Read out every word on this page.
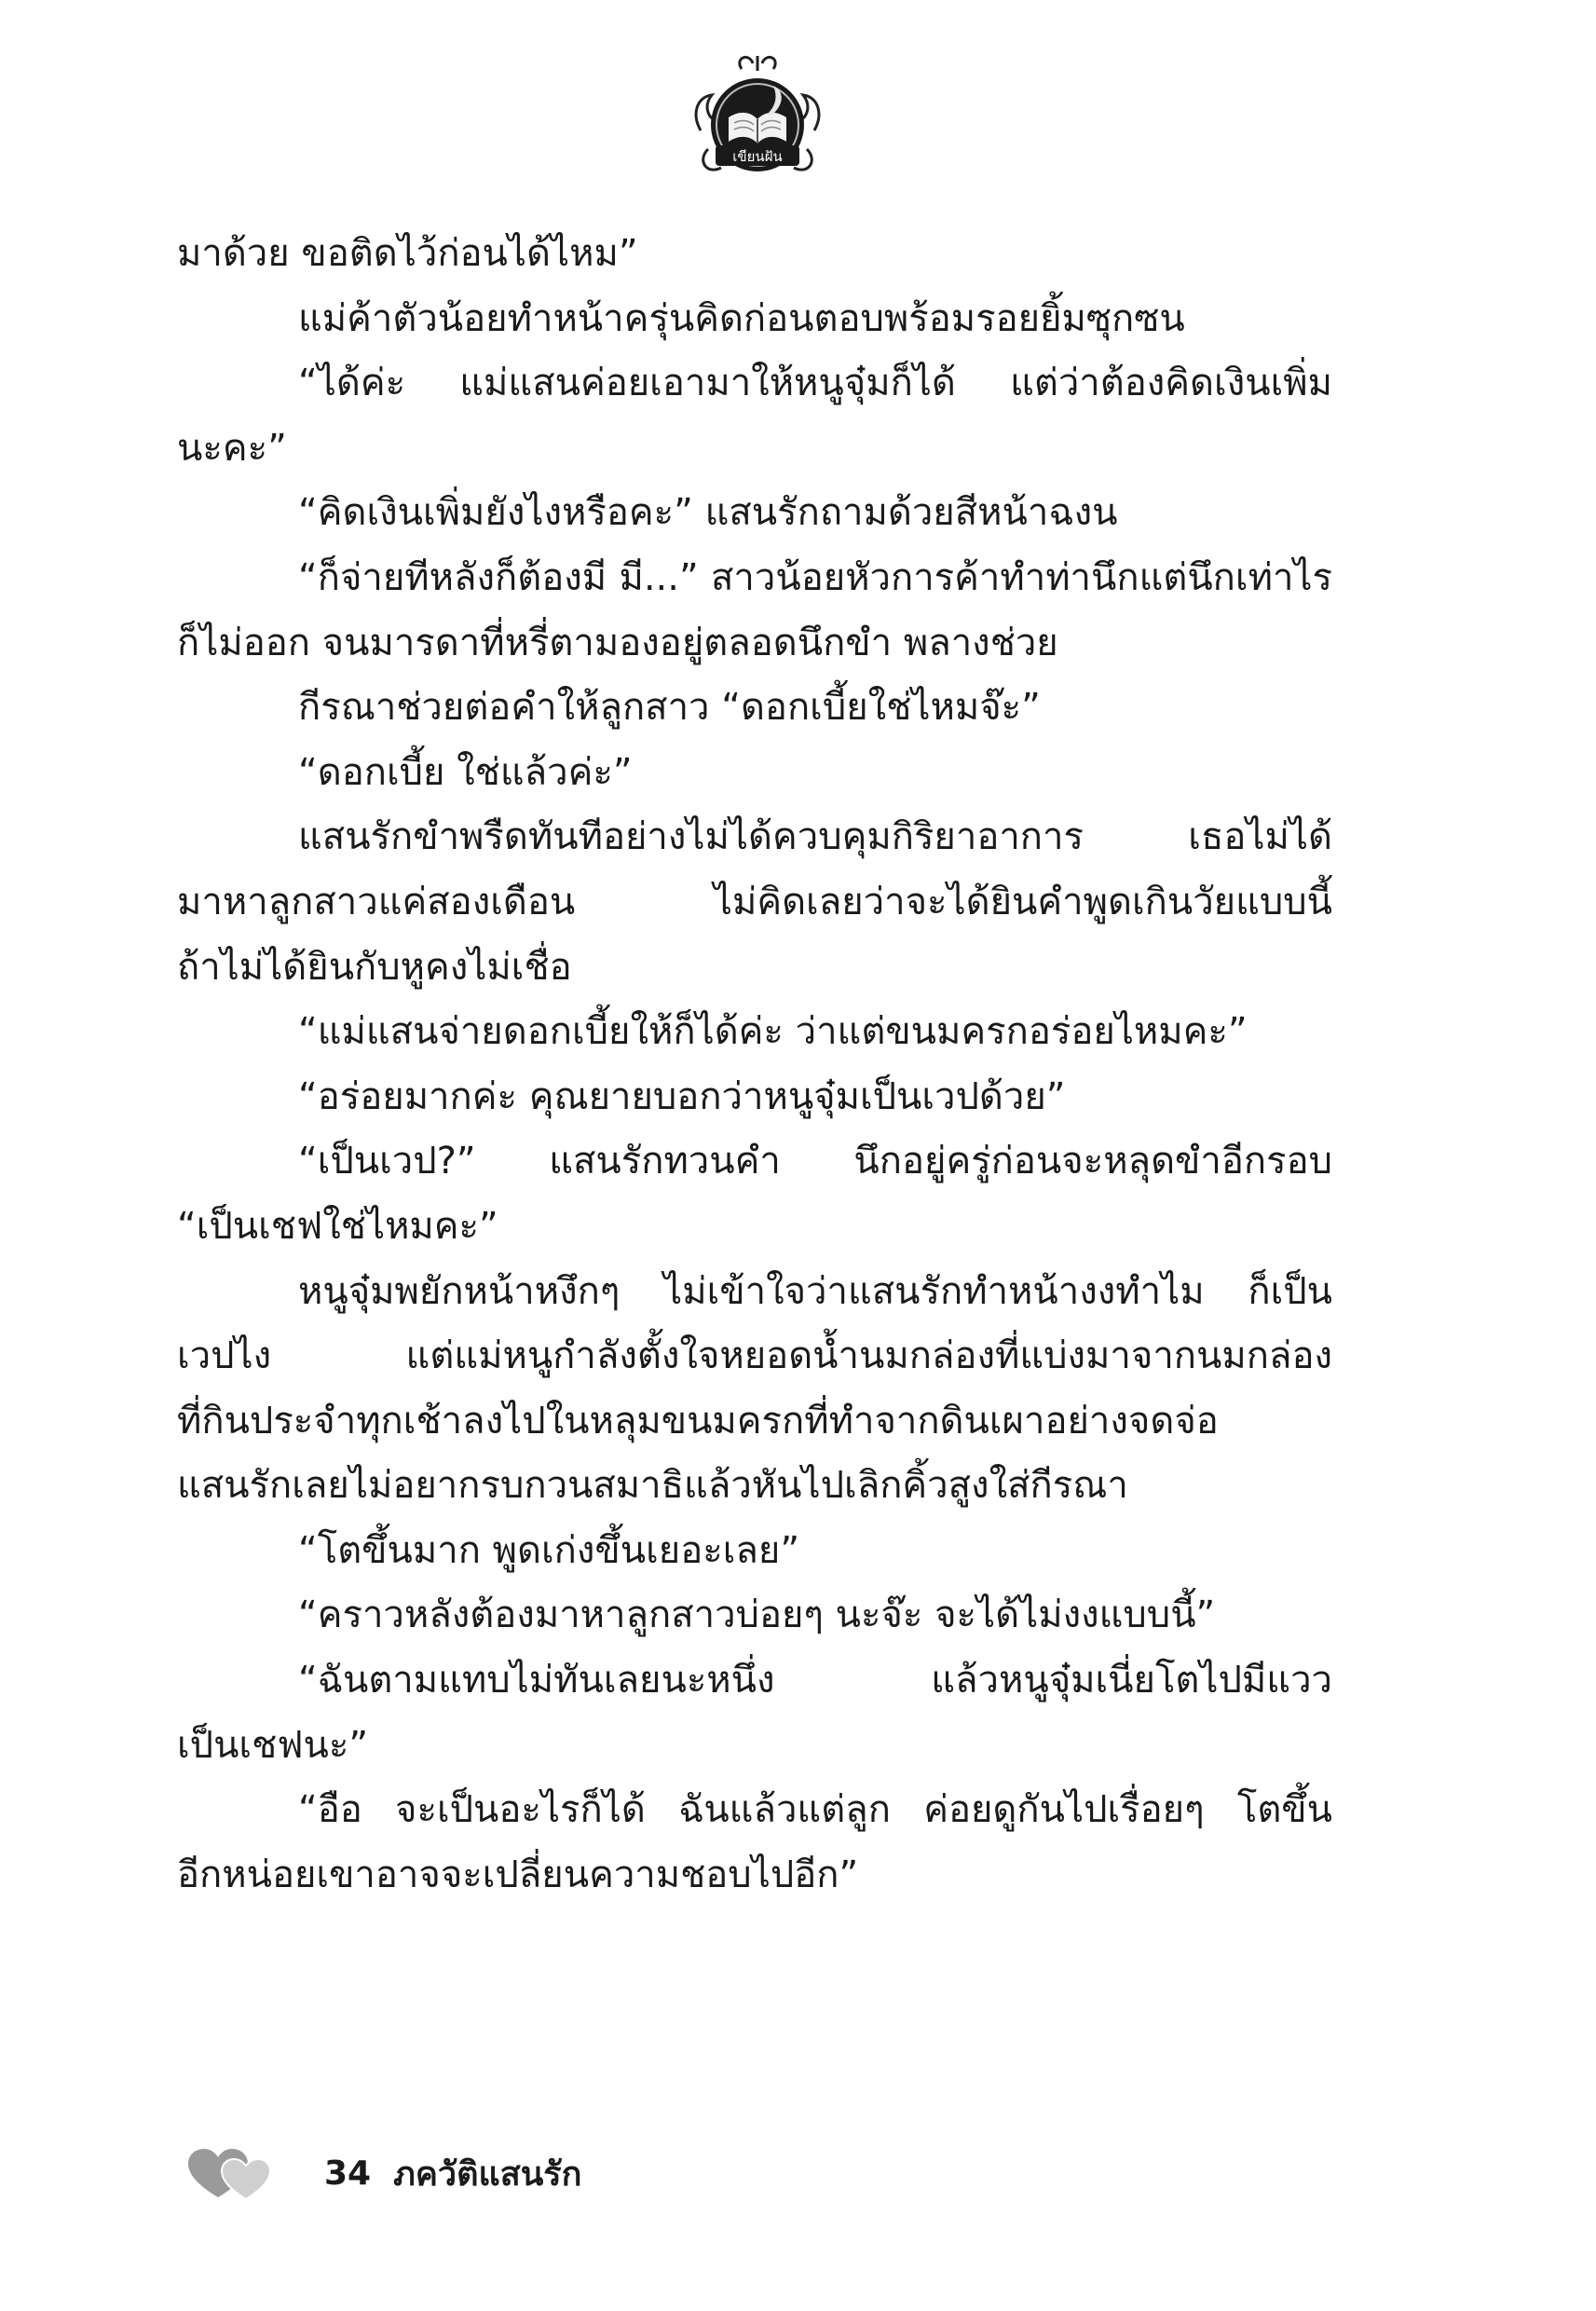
เขียนฝัน
มาด้วย ขอติดไว้ก่อนได้ไหม”
แม่ค้าตัวน้อยทำหน้าครุ่นคิดก่อนตอบพร้อมรอยยิ้มซุกซน
“ได้ค่ะ แม่แสนค่อยเอามาให้หนูจุ๋มก็ได้ แต่ว่าต้องคิดเงินเพิ่ม
นะคะ”
“คิดเงินเพิ่มยังไงหรือคะ” แสนรักถามด้วยสีหน้าฉงน
“ก็จ่ายทีหลังก็ต้องมี มี...” สาวน้อยหัวการค้าทำท่านึกแต่นึกเท่าไร
ก็ไม่ออก จนมารดาที่หรี่ตามองอยู่ตลอดนึกขำ พลางช่วย
กีรณาช่วยต่อคำให้ลูกสาว “ดอกเบี้ยใช่ไหมจ๊ะ”
“ดอกเบี้ย ใช่แล้วค่ะ”
แสนรักขำพรืดทันทีอย่างไม่ได้ควบคุมกิริยาอาการ เธอไม่ได้
มาหาลูกสาวแค่สองเดือน ไม่คิดเลยว่าจะได้ยินคำพูดเกินวัยแบบนี้
ถ้าไม่ได้ยินกับหูคงไม่เชื่อ
“แม่แสนจ่ายดอกเบี้ยให้ก็ได้ค่ะ ว่าแต่ขนมครกอร่อยไหมคะ”
“อร่อยมากค่ะ คุณยายบอกว่าหนูจุ๋มเป็นเวปด้วย”
“เป็นเวป?” แสนรักทวนคำ นึกอยู่ครู่ก่อนจะหลุดขำอีกรอบ
“เป็นเชฟใช่ไหมคะ”
หนูจุ๋มพยักหน้าหงึกๆ ไม่เข้าใจว่าแสนรักทำหน้างงทำไม ก็เป็น
เวปไง แต่แม่หนูกำลังตั้งใจหยอดน้ำนมกล่องที่แบ่งมาจากนมกล่อง
ที่กินประจำทุกเช้าลงไปในหลุมขนมครกที่ทำจากดินเผาอย่างจดจ่อ
แสนรักเลยไม่อยากรบกวนสมาธิแล้วหันไปเลิกคิ้วสูงใส่กีรณา
“โตขึ้นมาก พูดเก่งขึ้นเยอะเลย”
“คราวหลังต้องมาหาลูกสาวบ่อยๆ นะจ๊ะ จะได้ไม่งงแบบนี้”
“ฉันตามแทบไม่ทันเลยนะหนึ่ง แล้วหนูจุ๋มเนี่ยโตไปมีแวว
เป็นเชฟนะ”
“อือ จะเป็นอะไรก็ได้ ฉันแล้วแต่ลูก ค่อยดูกันไปเรื่อยๆ โตขึ้น
อีกหน่อยเขาอาจจะเปลี่ยนความชอบไปอีก”
34 ภควัติแสนรัก
